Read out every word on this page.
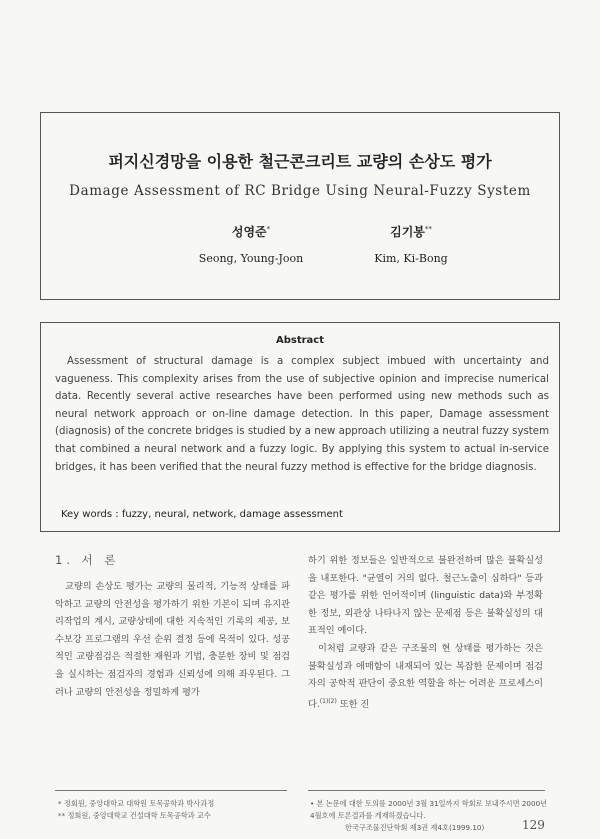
퍼지신경망을 이용한 철근콘크리트 교량의 손상도 평가
Damage Assessment of RC Bridge Using Neural-Fuzzy System
성영준*
Seong, Young-Joon
김기봉**
Kim, Ki-Bong
Abstract

Assessment of structural damage is a complex subject imbued with uncertainty and vagueness. This complexity arises from the use of subjective opinion and imprecise numerical data. Recently several active researches have been performed using new methods such as neural network approach or on-line damage detection. In this paper, Damage assessment (diagnosis) of the concrete bridges is studied by a new approach utilizing a neutral fuzzy system that combined a neural network and a fuzzy logic. By applying this system to actual in-service bridges, it has been verified that the neural fuzzy method is effective for the bridge diagnosis.

Key words : fuzzy, neural, network, damage assessment
1. 서 론

교량의 손상도 평가는 교량의 물리적, 기능적 상태를 파악하고 교량의 안전성을 평가하기 위한 기본이 되며 유지관리작업의 계시, 교량상태에 대한 지속적인 기록의 제공, 보수보강 프로그램의 우선 순위 결정 등에 목적이 있다. 성공적인 교량점검은 적절한 재원과 기법, 충분한 장비 및 점검을 실시하는 점검자의 경험과 신뢰성에 의해 좌우된다. 그러나 교량의 안전성을 정밀하게 평가

하기 위한 정보들은 일반적으로 불완전하며 많은 불확실성을 내포한다. "균열이 거의 없다. 철근노출이 심하다" 등과 같은 평가를 위한 언어적이며 (linguistic data)와 부정확한 정보, 외관상 나타나지 않는 문제점 등은 불확실성의 대표적인 예이다.

이처럼 교량과 같은 구조물의 현 상태를 평가하는 것은 불확실성과 애매함이 내재되어 있는 복잡한 문제이며 점검자의 공학적 판단이 중요한 역할을 하는 어려운 프로세스이다.$^{(1)(2)}$ 또한 진

* 정회원, 중앙대학교 대학원 토목공학과 박사과정
** 정회원, 중앙대학교 건설대학 토목공학과 교수
• 본 논문에 대한 토의를 2000년 3월 31일까지 학회로 보내주시면 2000년 4월호에 토론결과를 게재하겠습니다.
한국구조물진단학회 제3권 제4호(1999.10)	129
